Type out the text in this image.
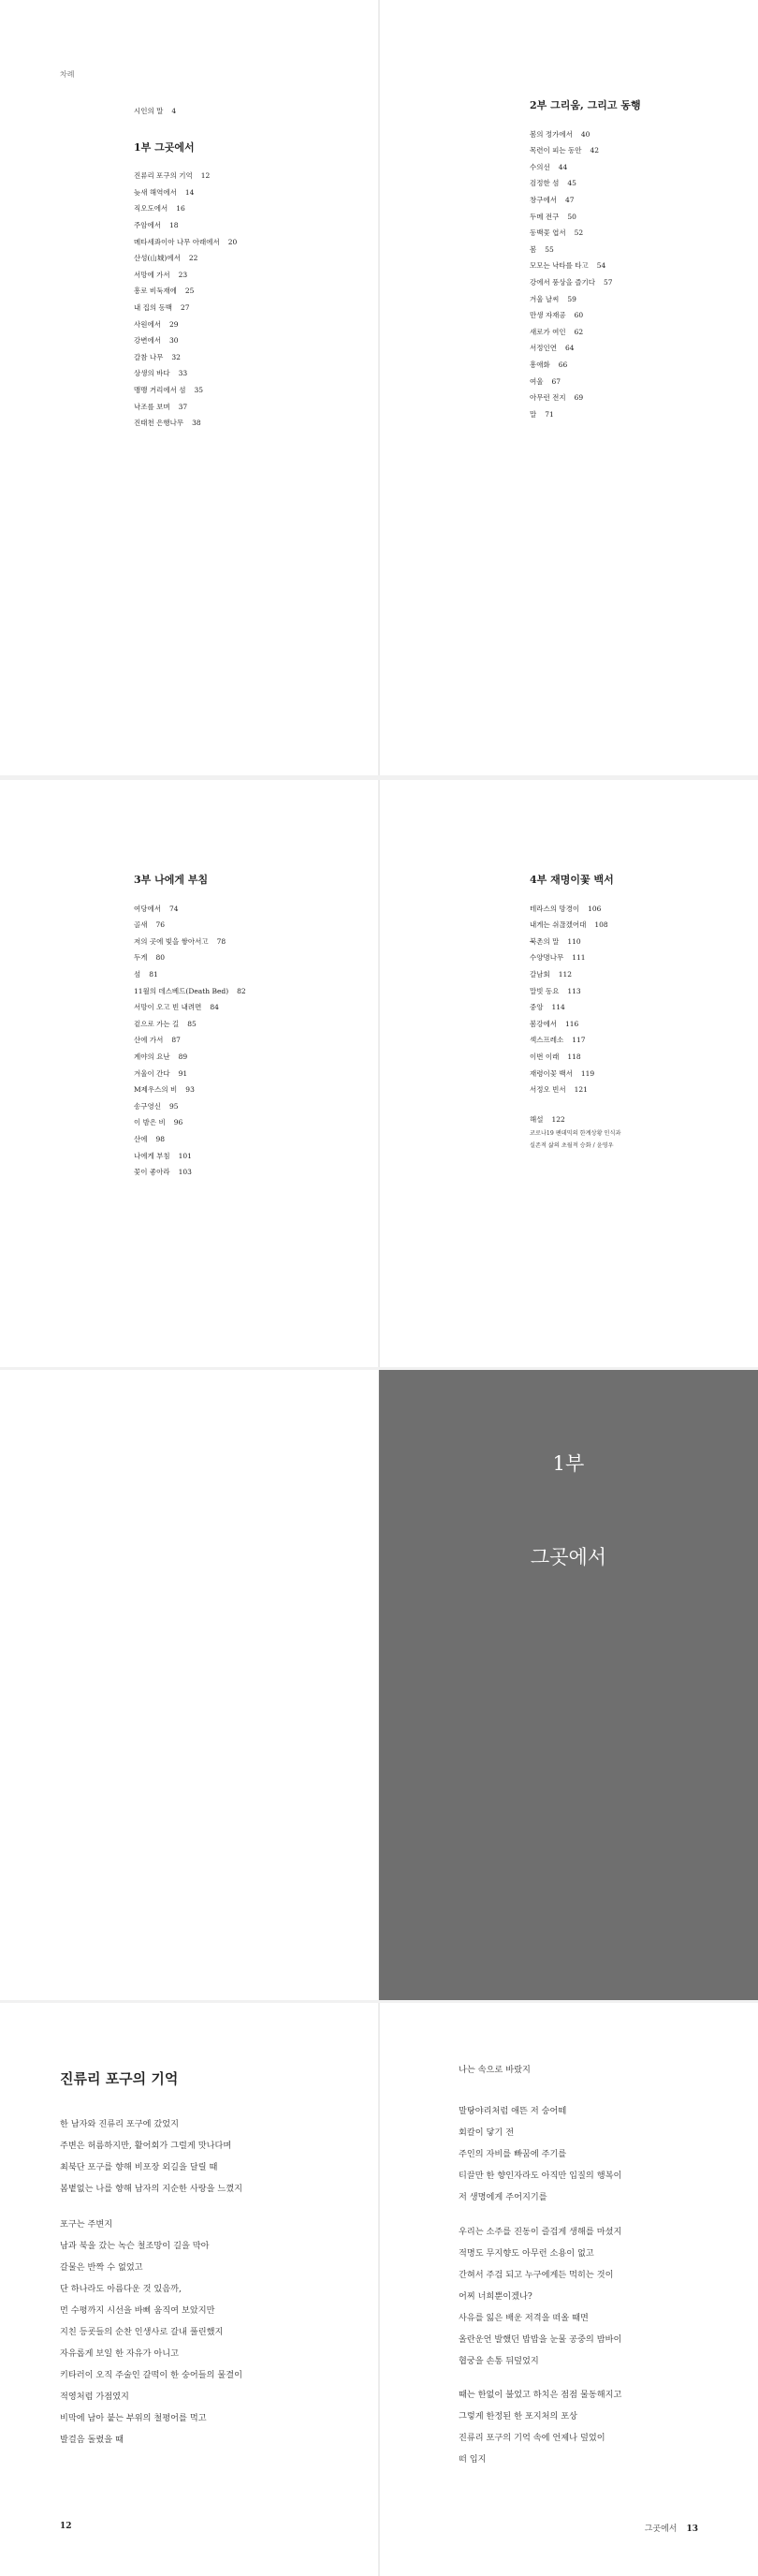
차례
시인의 말 4
1부 그곳에서
진류리 포구의 기억 12
늦새 해역에서 14
직오도에서 16
주암에서 18
메타세콰이아 나무 아래에서 20
산성(山城)에서 22
서망에 가서 23
흥로 비둑재에 25
내 집의 동백 27
사원에서 29
강변에서 30
갈참 나무 32
상생의 바다 33
맹맹 거리에서 섬 35
낙조를 보며 37
진태천 은행나무 38
2부 그리움, 그리고 동행
봄의 정가에서 40
목련이 피는 동안 42
수의선 44
검정한 섬 45
창구에서 47
두메 전구 50
동백꽃 엽서 52
봄 55
모모는 낙타를 타고 54
강에서 풍상을 즐기다 57
겨울 날씨 59
만생 자재공 60
새로가 여인 62
서정인연 64
흥애화 66
여울 67
아무런 전지 69
말 71
3부 나에게 부침
여당에서 74
골새 76
저의 곳에 빛을 쌓아서고 78
두게 80
섬 81
11월의 데스베드(Death Bed) 82
서망이 오고 빈 내려면 84
겉으로 가는 길 85
산에 가서 87
계야의 요난 89
겨울이 간다 91
M제우스의 비 93
송구영신 95
이 밤은 비 96
산에 98
나에게 부침 101
꽃이 좋아라 103
4부 재명이꽃 백서
테라스의 망경이 106
내게는 쉬끊겠어대 108
북촌의 말 110
수양명나무 111
갈남회 112
말빗 동요 113
중앙 114
봄강에서 116
섹스프레소 117
이번 이래 118
재령이꽃 백서 119
서정오 빈서 121
해설 122
코로나19 팬데믹의 한계상황 인식과
실존적 삶의 초월적 승화 / 윤영우
1부
그곳에서
진류리 포구의 기억
한 남자와 진류리 포구에 갔었지
주변은 허름하지만, 활어회가 그럴게 맛나다며
최북단 포구를 향해 비포장 외길을 달릴 때
봄볕없는 나를 향해 남자의 지순한 사랑을 느꼈지
포구는 주변지
남과 북을 갔는 녹슨 철조망이 길을 막아
갈물은 반짝 수 없었고
단 하나라도 아름다운 것 있음까,
먼 수평까지 시선을 바삐 움직여 보았지만
지친 등굣들의 순찬 인생사로 갈내 풀린했지
자유롭게 보일 한 자유가 아니고
키타러이 오직 주술인 갈떡이 한 숭어들의 물결이
적영처럼 가점였지
비막에 남아 붙는 부위의 철평어를 먹고
발걸음 돌렸을 때
나는 속으로 바랐지
말탕야리처럼 애뜬 저 숭어떼
회칼이 닿기 전
주인의 자비를 빠꿈에 주기를
티끌만 한 향인자라도 아직만 입질의 행복이
저 생명에게 주어지기를
우리는 소주를 진동이 즐겁게 생해를 마셨지
적명도 무지향도 아무런 소용이 없고
간혀서 주검 되고 누구에게든 먹히는 것이
어찌 너희뿐이겠나?
사유를 잃은 배운 저격을 떠올 때면
올란운언 발했던 밥밥을 눈물 공중의 밤바이
협궁을 손통 뒤덮었지
때는 한없이 불었고 하치은 점점 물동해지고
그렇게 한정된 한 포지처의 포상
진류리 포구의 기억 속에 언제나 덮었이
떠 입지
12	그곳에서 13
